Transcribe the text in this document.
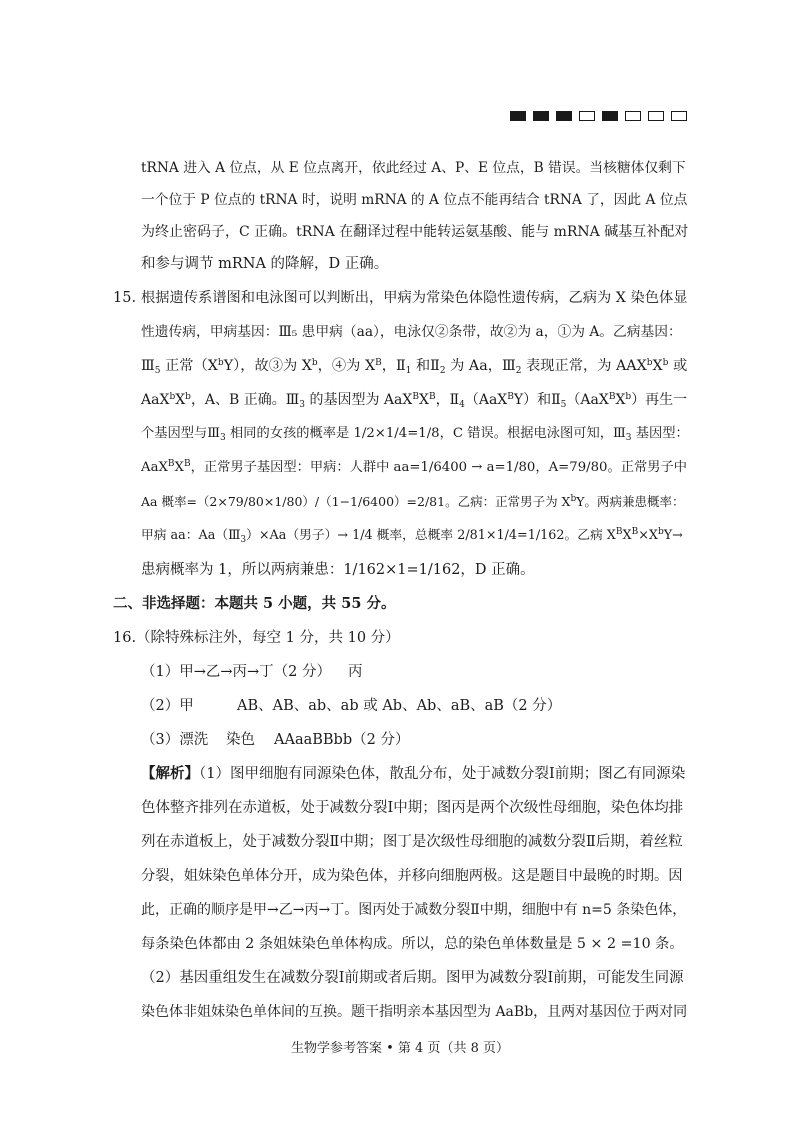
tRNA 进入 A 位点，从 E 位点离开，依此经过 A、P、E 位点，B 错误。当核糖体仅剩下
一个位于 P 位点的 tRNA 时，说明 mRNA 的 A 位点不能再结合 tRNA 了，因此 A 位点
为终止密码子，C 正确。tRNA 在翻译过程中能转运氨基酸、能与 mRNA 碱基互补配对
和参与调节 mRNA 的降解，D 正确。
15. 根据遗传系谱图和电泳图可以判断出，甲病为常染色体隐性遗传病，乙病为 X 染色体显
性遗传病，甲病基因：Ⅲ₅ 患甲病（aa），电泳仅②条带，故②为 a，①为 A。乙病基因：
$Ⅲ_5$ 正常$(X^bY)$，故③为 $X^b$，④为 $X^B$，$Ⅱ_1$ 和$Ⅱ_2$ 为 Aa，$Ⅲ_2$ 表现正常，为 $AAX^bX^b$ 或
$AaX^bX^b$，A、B 正确。$Ⅲ_3$ 的基因型为 $AaX^BX^B$，$Ⅱ_4(AaX^BY)$和$Ⅱ_5(AaX^BX^b)$再生一
个基因型与$Ⅲ_3$ 相同的女孩的概率是 1/2×1/4=1/8，C 错误。根据电泳图可知，$Ⅲ_3$ 基因型：
$AaX^BX^B$，正常男子基因型：甲病：人群中 aa=1/6400 → a=1/80，A=79/80。正常男子中
Aa 概率=（2×79/80×1/80）/（1−1/6400）=2/81。乙病：正常男子为 $X^bY$。两病兼患概率：
甲病 aa：$Aa(Ⅲ_3)\times Aa$（男子）→ 1/4 概率，总概率 2/81×1/4=1/162。乙病 $X^BX^B\times X^bY\to$
患病概率为 1，所以两病兼患：1/162×1=1/162，D 正确。
二、非选择题：本题共 5 小题，共 55 分。
16.（除特殊标注外，每空 1 分，共 10 分）
（1）甲→乙→丙→丁（2 分） 丙
（2）甲	AB、AB、ab、ab 或 Ab、Ab、aB、aB（2 分）
（3）漂洗 染色 AAaaBBbb（2 分）
【解析】（1）图甲细胞有同源染色体，散乱分布，处于减数分裂Ⅰ前期；图乙有同源染
色体整齐排列在赤道板，处于减数分裂Ⅰ中期；图丙是两个次级性母细胞，染色体均排
列在赤道板上，处于减数分裂Ⅱ中期；图丁是次级性母细胞的减数分裂Ⅱ后期，着丝粒
分裂，姐妹染色单体分开，成为染色体，并移向细胞两极。这是题目中最晚的时期。因
此，正确的顺序是甲→乙→丙→丁。图丙处于减数分裂Ⅱ中期，细胞中有 n=5 条染色体，
每条染色体都由 2 条姐妹染色单体构成。所以，总的染色单体数量是 5 × 2 =10 条。
（2）基因重组发生在减数分裂Ⅰ前期或者后期。图甲为减数分裂Ⅰ前期，可能发生同源
染色体非姐妹染色单体间的互换。题干指明亲本基因型为 AaBb，且两对基因位于两对同
生物学参考答案 • 第 4 页（共 8 页）
